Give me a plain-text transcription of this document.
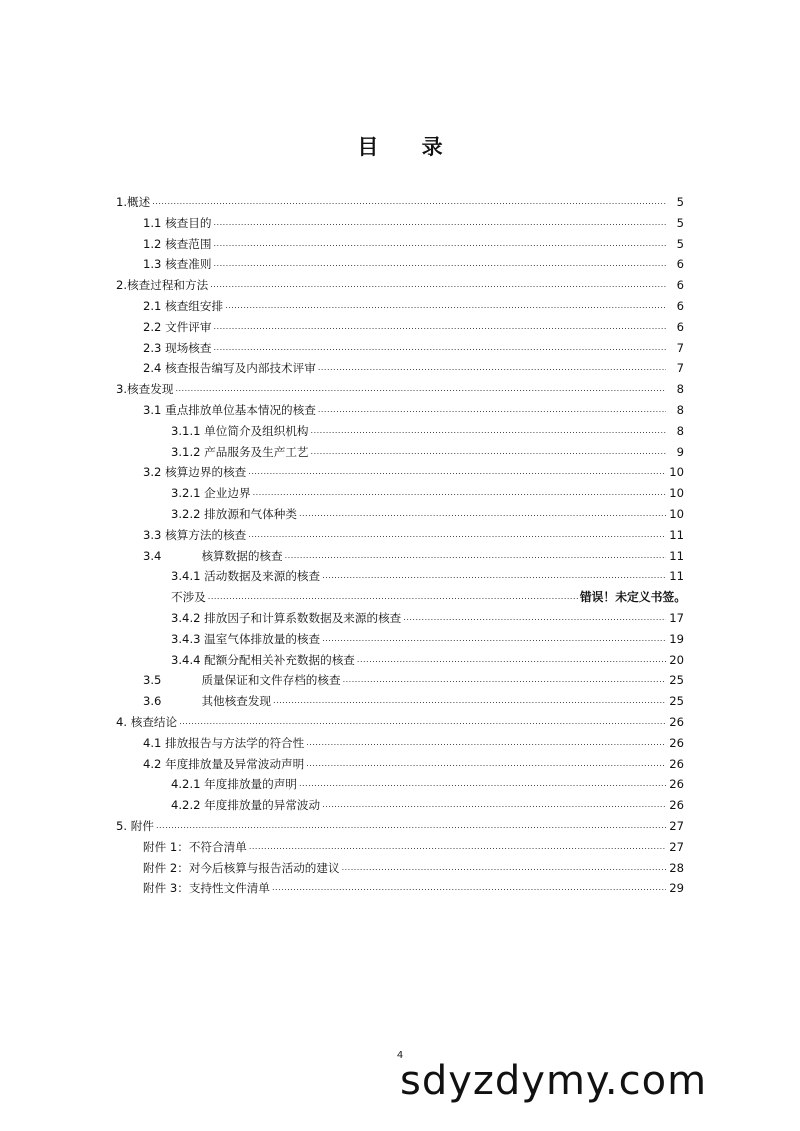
目 录
1.概述 .....	5
1.1 核查目的 .....	5
1.2 核查范围 .....	5
1.3 核查准则 .....	6
2.核查过程和方法 .....	6
2.1 核查组安排 .....	6
2.2 文件评审 .....	6
2.3 现场核查 .....	7
2.4 核查报告编写及内部技术评审 .....	7
3.核查发现 .....	8
3.1 重点排放单位基本情况的核查 .....	8
3.1.1 单位简介及组织机构 .....	8
3.1.2 产品服务及生产工艺 .....	9
3.2 核算边界的核查 .....	10
3.2.1 企业边界 .....	10
3.2.2 排放源和气体种类 .....	10
3.3 核算方法的核查 .....	11
3.4	核算数据的核查 .....	11
3.4.1 活动数据及来源的核查 .....	11
不涉及 .....	错误！未定义书签。
3.4.2 排放因子和计算系数数据及来源的核查 .....	17
3.4.3 温室气体排放量的核查 .....	19
3.4.4 配额分配相关补充数据的核查 .....	20
3.5	质量保证和文件存档的核查 .....	25
3.6	其他核查发现 .....	25
4. 核查结论 .....	26
4.1 排放报告与方法学的符合性 .....	26
4.2 年度排放量及异常波动声明 .....	26
4.2.1 年度排放量的声明 .....	26
4.2.2 年度排放量的异常波动 .....	26
5. 附件 .....	27
附件 1：不符合清单 .....	27
附件 2：对今后核算与报告活动的建议 .....	28
附件 3：支持性文件清单 .....	29
4
sdyzdymy.com
